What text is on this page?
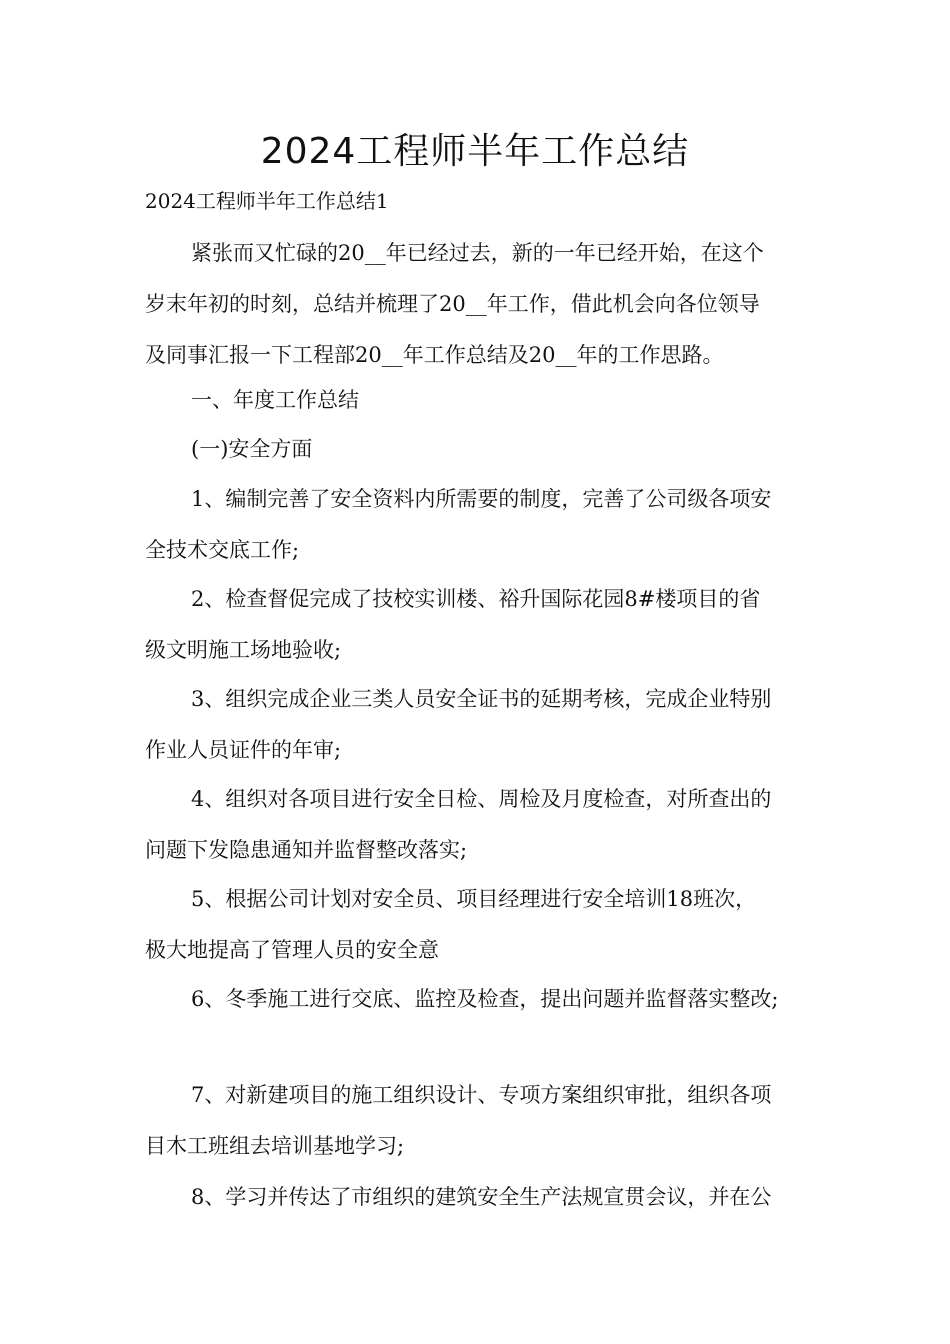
2024工程师半年工作总结
2024工程师半年工作总结1
紧张而又忙碌的20__年已经过去，新的一年已经开始，在这个
岁末年初的时刻，总结并梳理了20__年工作，借此机会向各位领导
及同事汇报一下工程部20__年工作总结及20__年的工作思路。
一、年度工作总结
(一)安全方面
1、编制完善了安全资料内所需要的制度，完善了公司级各项安
全技术交底工作;
2、检查督促完成了技校实训楼、裕升国际花园8#楼项目的省
级文明施工场地验收;
3、组织完成企业三类人员安全证书的延期考核，完成企业特别
作业人员证件的年审;
4、组织对各项目进行安全日检、周检及月度检查，对所查出的
问题下发隐患通知并监督整改落实;
5、根据公司计划对安全员、项目经理进行安全培训18班次，
极大地提高了管理人员的安全意
6、冬季施工进行交底、监控及检查，提出问题并监督落实整改;
7、对新建项目的施工组织设计、专项方案组织审批，组织各项
目木工班组去培训基地学习;
8、学习并传达了市组织的建筑安全生产法规宣贯会议，并在公
